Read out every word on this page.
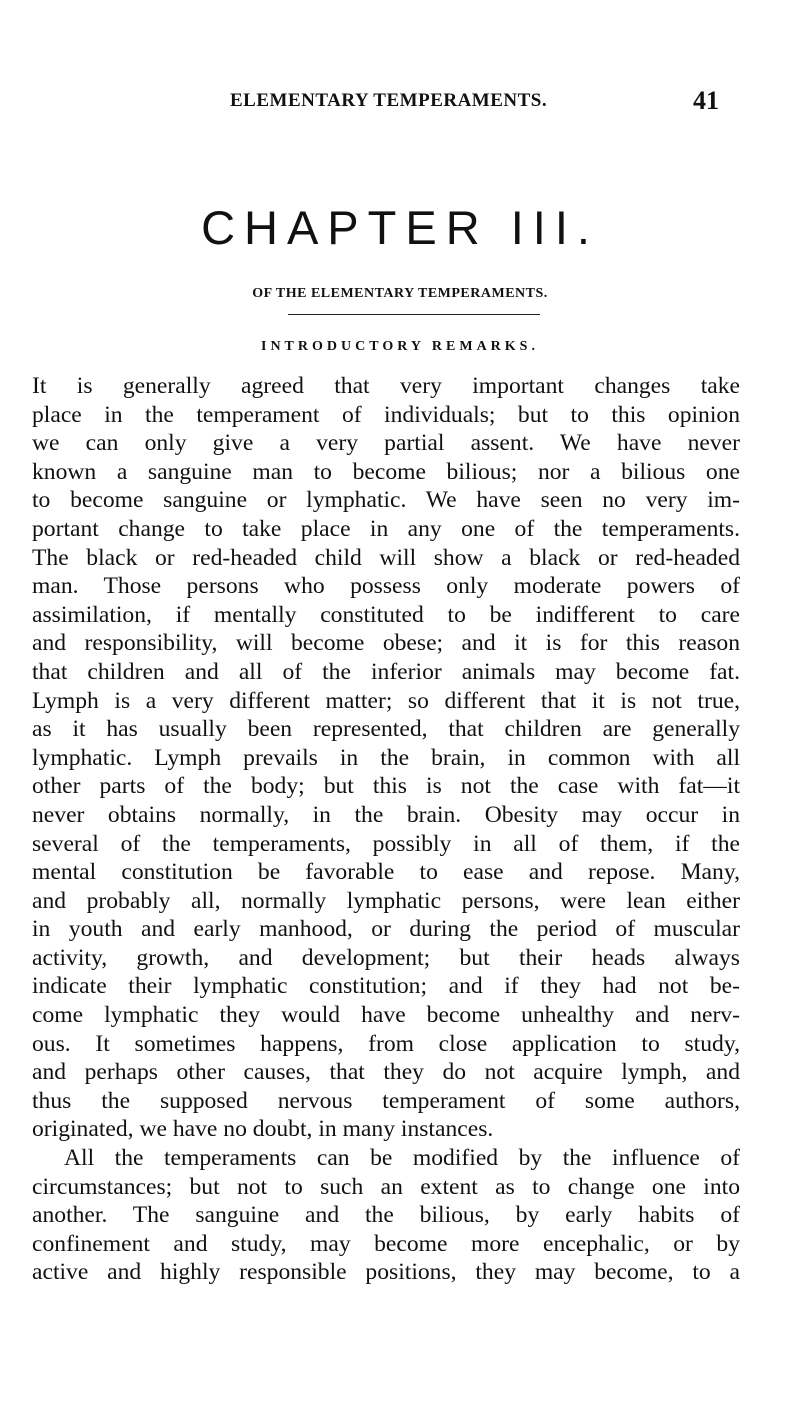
ELEMENTARY TEMPERAMENTS.	41
CHAPTER III.
OF THE ELEMENTARY TEMPERAMENTS.
INTRODUCTORY REMARKS.
It is generally agreed that very important changes take
place in the temperament of individuals; but to this opinion
we can only give a very partial assent. We have never
known a sanguine man to become bilious; nor a bilious one
to become sanguine or lymphatic. We have seen no very im-
portant change to take place in any one of the temperaments.
The black or red-headed child will show a black or red-headed
man. Those persons who possess only moderate powers of
assimilation, if mentally constituted to be indifferent to care
and responsibility, will become obese; and it is for this reason
that children and all of the inferior animals may become fat.
Lymph is a very different matter; so different that it is not true,
as it has usually been represented, that children are generally
lymphatic. Lymph prevails in the brain, in common with all
other parts of the body; but this is not the case with fat—it
never obtains normally, in the brain. Obesity may occur in
several of the temperaments, possibly in all of them, if the
mental constitution be favorable to ease and repose. Many,
and probably all, normally lymphatic persons, were lean either
in youth and early manhood, or during the period of muscular
activity, growth, and development; but their heads always
indicate their lymphatic constitution; and if they had not be-
come lymphatic they would have become unhealthy and nerv-
ous. It sometimes happens, from close application to study,
and perhaps other causes, that they do not acquire lymph, and
thus the supposed nervous temperament of some authors,
originated, we have no doubt, in many instances.
All the temperaments can be modified by the influence of
circumstances; but not to such an extent as to change one into
another. The sanguine and the bilious, by early habits of
confinement and study, may become more encephalic, or by
active and highly responsible positions, they may become, to a
